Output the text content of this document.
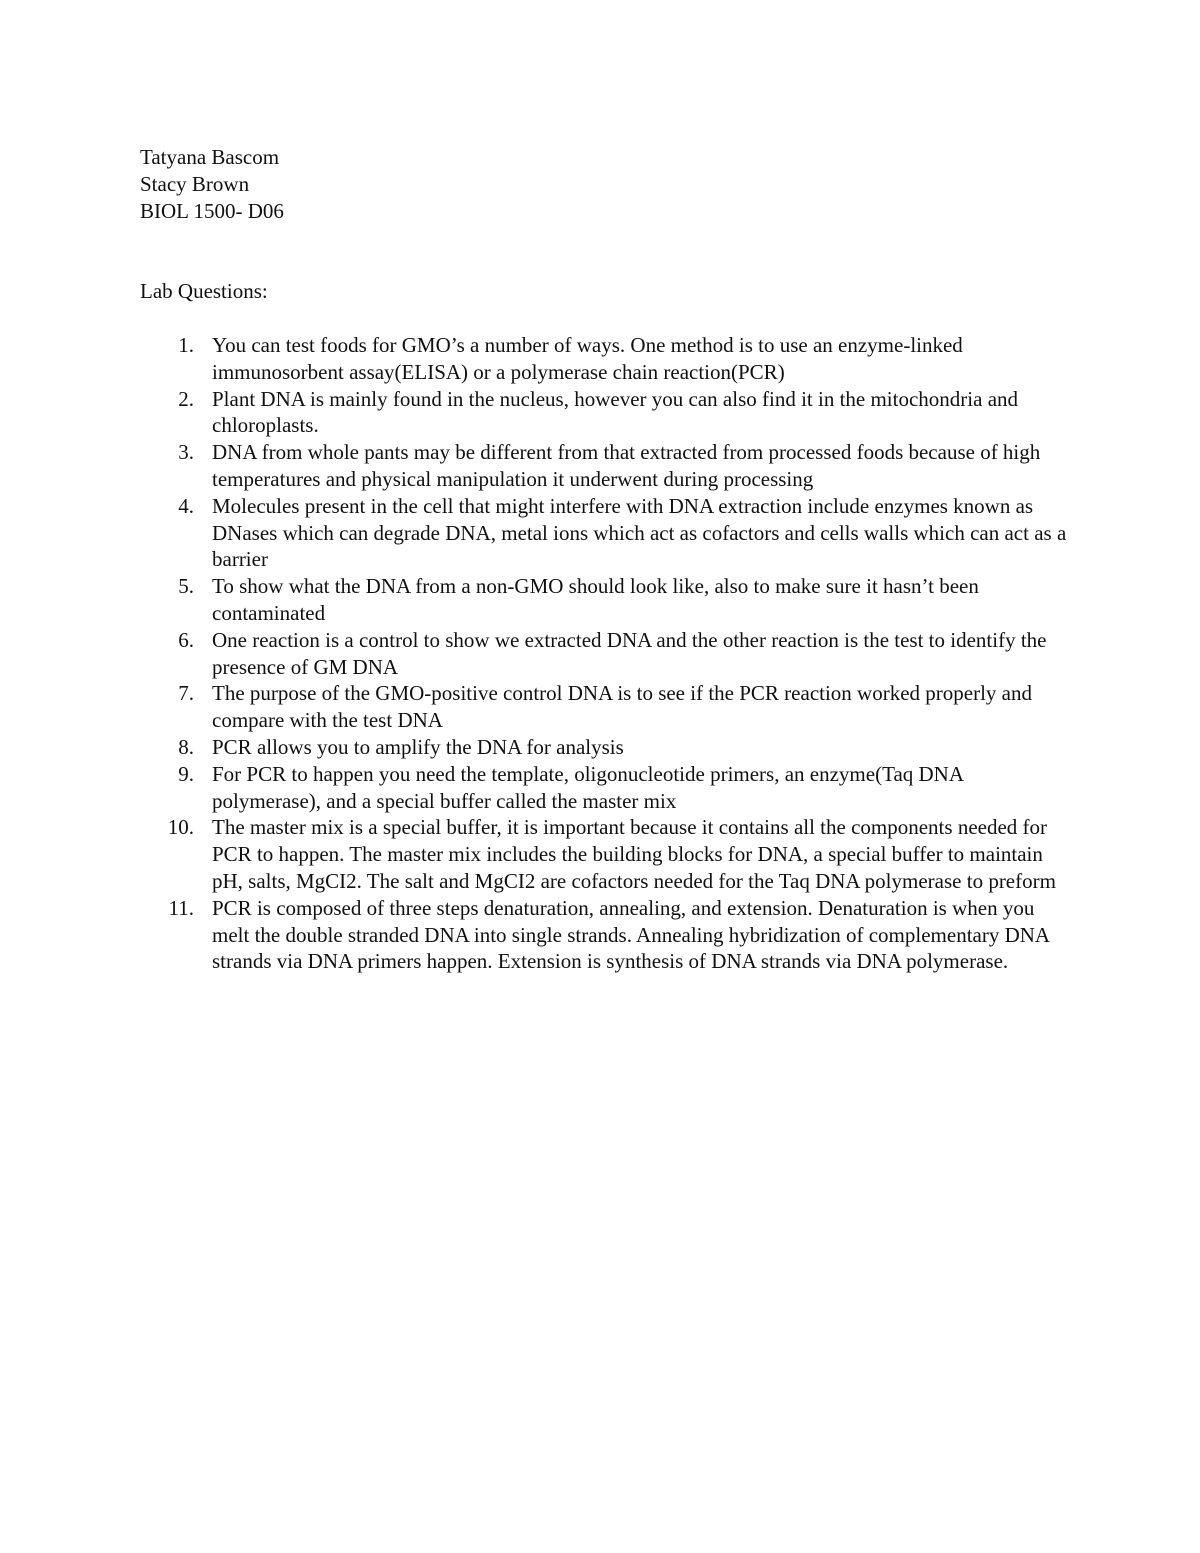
Tatyana Bascom
Stacy Brown
BIOL 1500- D06
Lab Questions:
1. You can test foods for GMO’s a number of ways. One method is to use an enzyme-linked immunosorbent assay(ELISA) or a polymerase chain reaction(PCR)
2. Plant DNA is mainly found in the nucleus, however you can also find it in the mitochondria and chloroplasts.
3. DNA from whole pants may be different from that extracted from processed foods because of high temperatures and physical manipulation it underwent during processing
4. Molecules present in the cell that might interfere with DNA extraction include enzymes known as DNases which can degrade DNA, metal ions which act as cofactors and cells walls which can act as a barrier
5. To show what the DNA from a non-GMO should look like, also to make sure it hasn’t been contaminated
6. One reaction is a control to show we extracted DNA and the other reaction is the test to identify the presence of GM DNA
7. The purpose of the GMO-positive control DNA is to see if the PCR reaction worked properly and compare with the test DNA
8. PCR allows you to amplify the DNA for analysis
9. For PCR to happen you need the template, oligonucleotide primers, an enzyme(Taq DNA polymerase), and a special buffer called the master mix
10. The master mix is a special buffer, it is important because it contains all the components needed for PCR to happen. The master mix includes the building blocks for DNA, a special buffer to maintain pH, salts, MgCI2. The salt and MgCI2 are cofactors needed for the Taq DNA polymerase to preform
11. PCR is composed of three steps denaturation, annealing, and extension. Denaturation is when you melt the double stranded DNA into single strands. Annealing hybridization of complementary DNA strands via DNA primers happen. Extension is synthesis of DNA strands via DNA polymerase.
